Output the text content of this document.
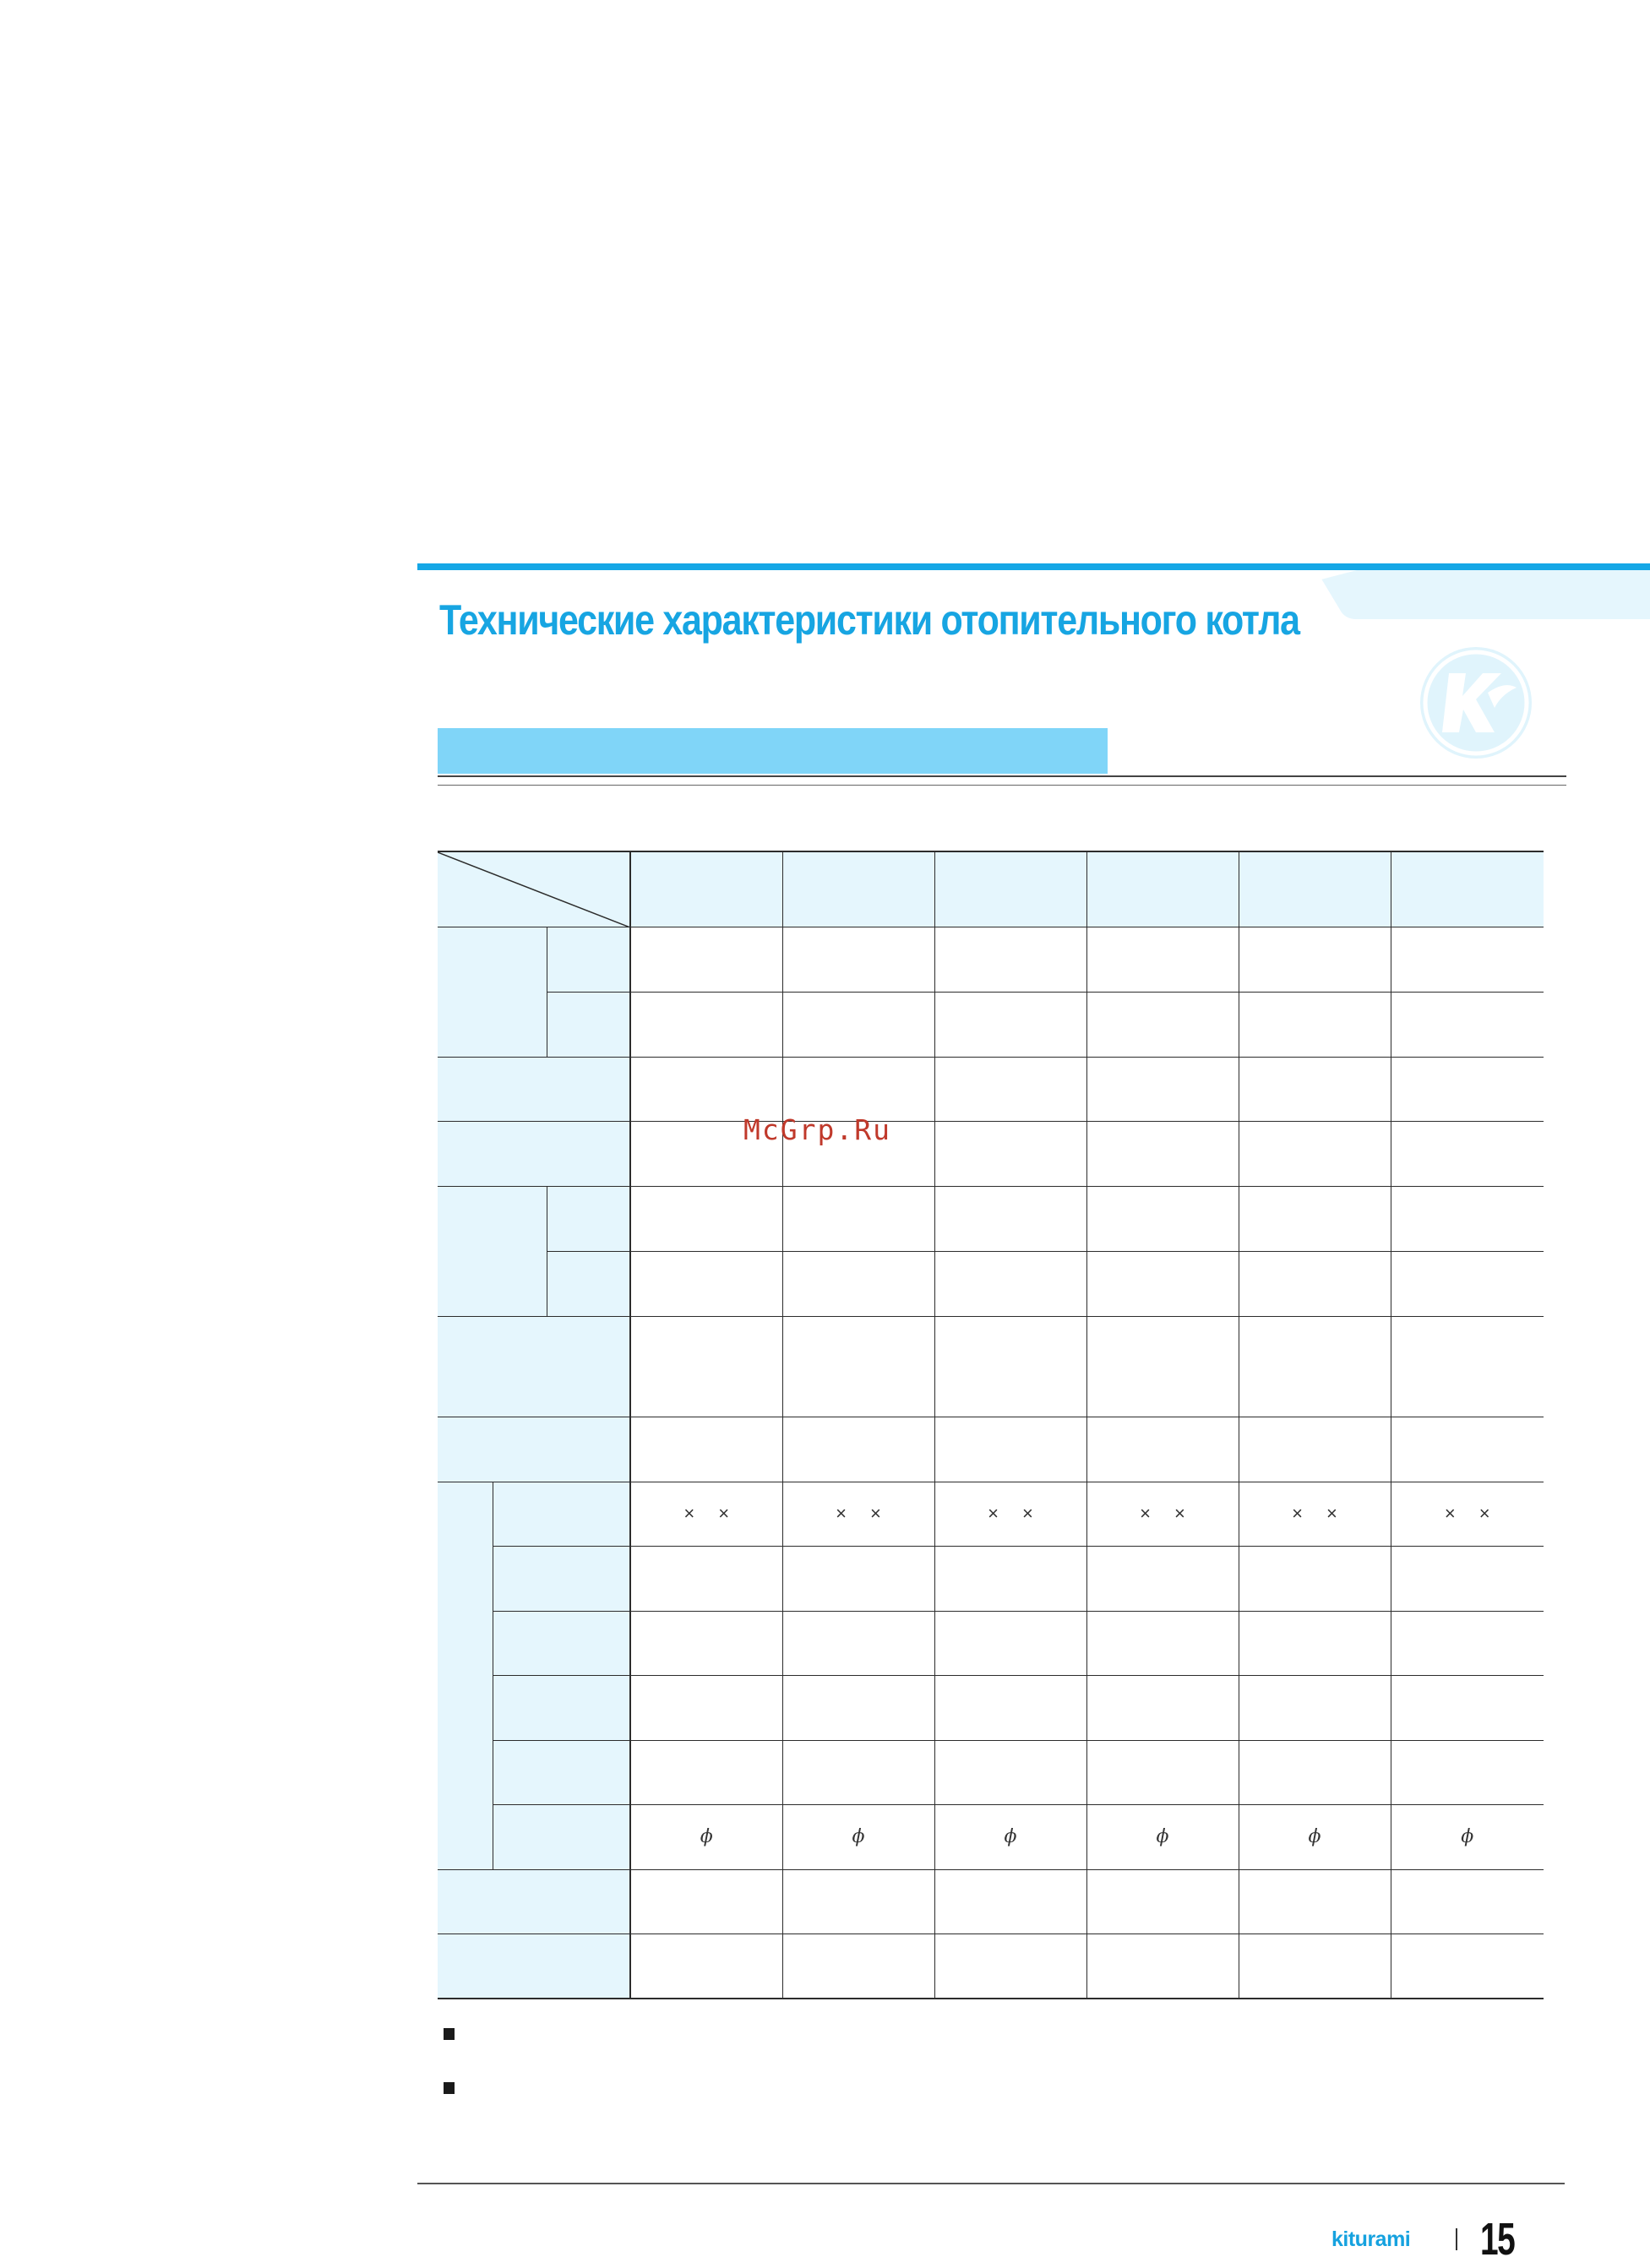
Технические характеристики отопительного котла

			× ×	× ×	× ×	× ×	× ×	× ×

			ϕ	ϕ	ϕ	ϕ	ϕ	ϕ

McGrp.Ru
kiturami 15
